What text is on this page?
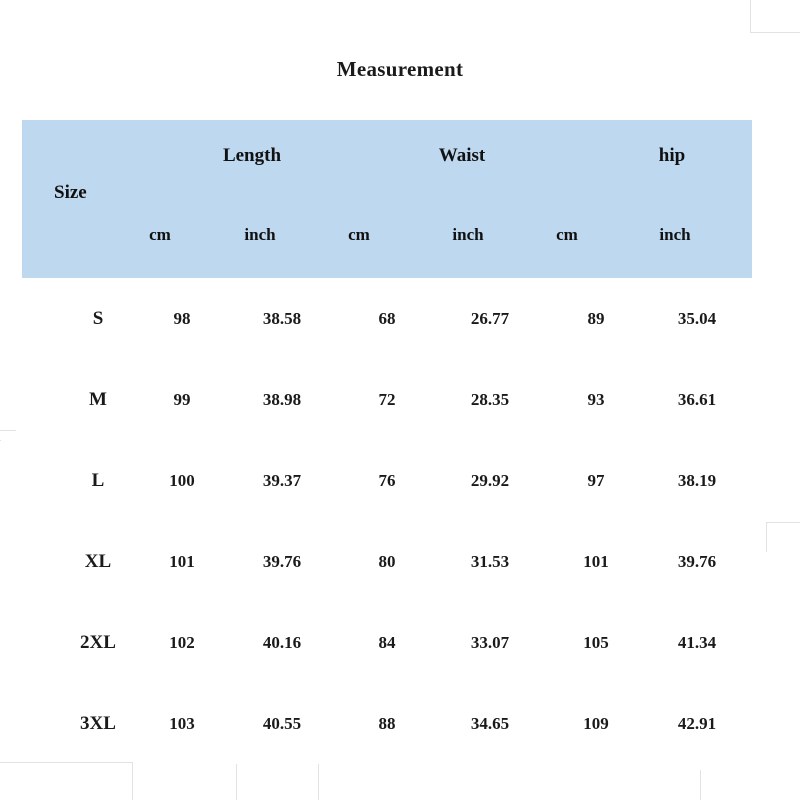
Measurement
Size
Length	Waist	hip
cm	inch	cm	inch	cm	inch
S	98	38.58	68	26.77	89	35.04
M	99	38.98	72	28.35	93	36.61
L	100	39.37	76	29.92	97	38.19
XL	101	39.76	80	31.53	101	39.76
2XL	102	40.16	84	33.07	105	41.34
3XL	103	40.55	88	34.65	109	42.91
